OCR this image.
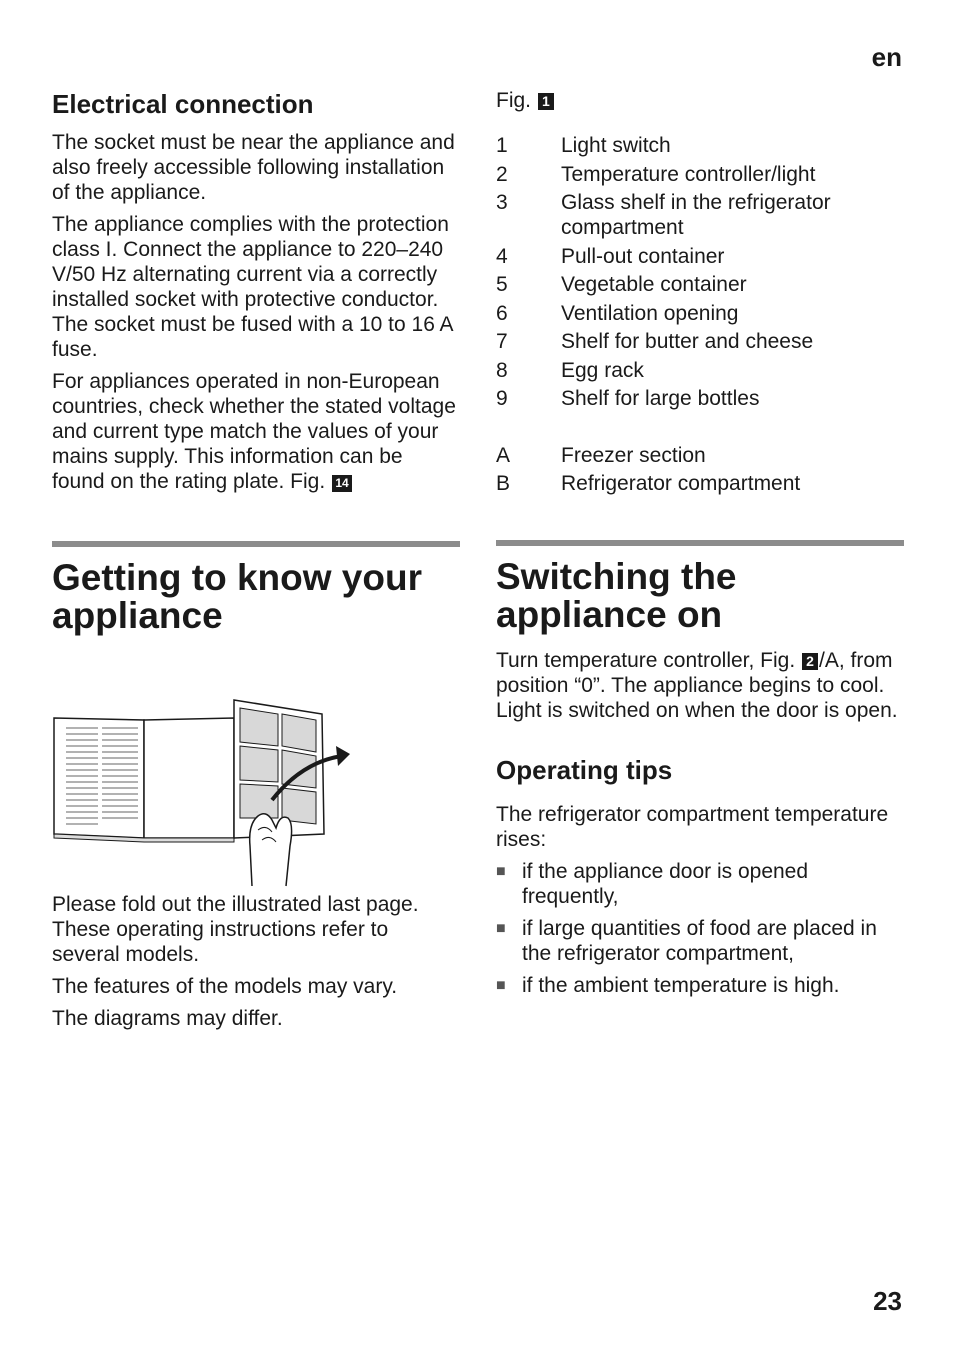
en
Electrical connection

The socket must be near the appliance and also freely accessible following installation of the appliance.

The appliance complies with the protection class I. Connect the appliance to 220–240 V/50 Hz alternating current via a correctly installed socket with protective conductor. The socket must be fused with a 10 to 16 A fuse.

For appliances operated in non-European countries, check whether the stated voltage and current type match the values of your mains supply. This information can be found on the rating plate. Fig. 14

Getting to know your
appliance

Please fold out the illustrated last page. These operating instructions refer to several models.

The features of the models may vary.

The diagrams may differ.

Fig. 1

1	Light switch
2	Temperature controller/light
3	Glass shelf in the refrigerator compartment
4	Pull-out container
5	Vegetable container
6	Ventilation opening
7	Shelf for butter and cheese
8	Egg rack
9	Shelf for large bottles
A	Freezer section
B	Refrigerator compartment
Switching the
appliance on

Turn temperature controller, Fig. 2 /A, from position “0”. The appliance begins to cool. Light is switched on when the door is open.

Operating tips

The refrigerator compartment temperature rises:

■ if the appliance door is opened frequently,
■ if large quantities of food are placed in the refrigerator compartment,
■ if the ambient temperature is high.
23
